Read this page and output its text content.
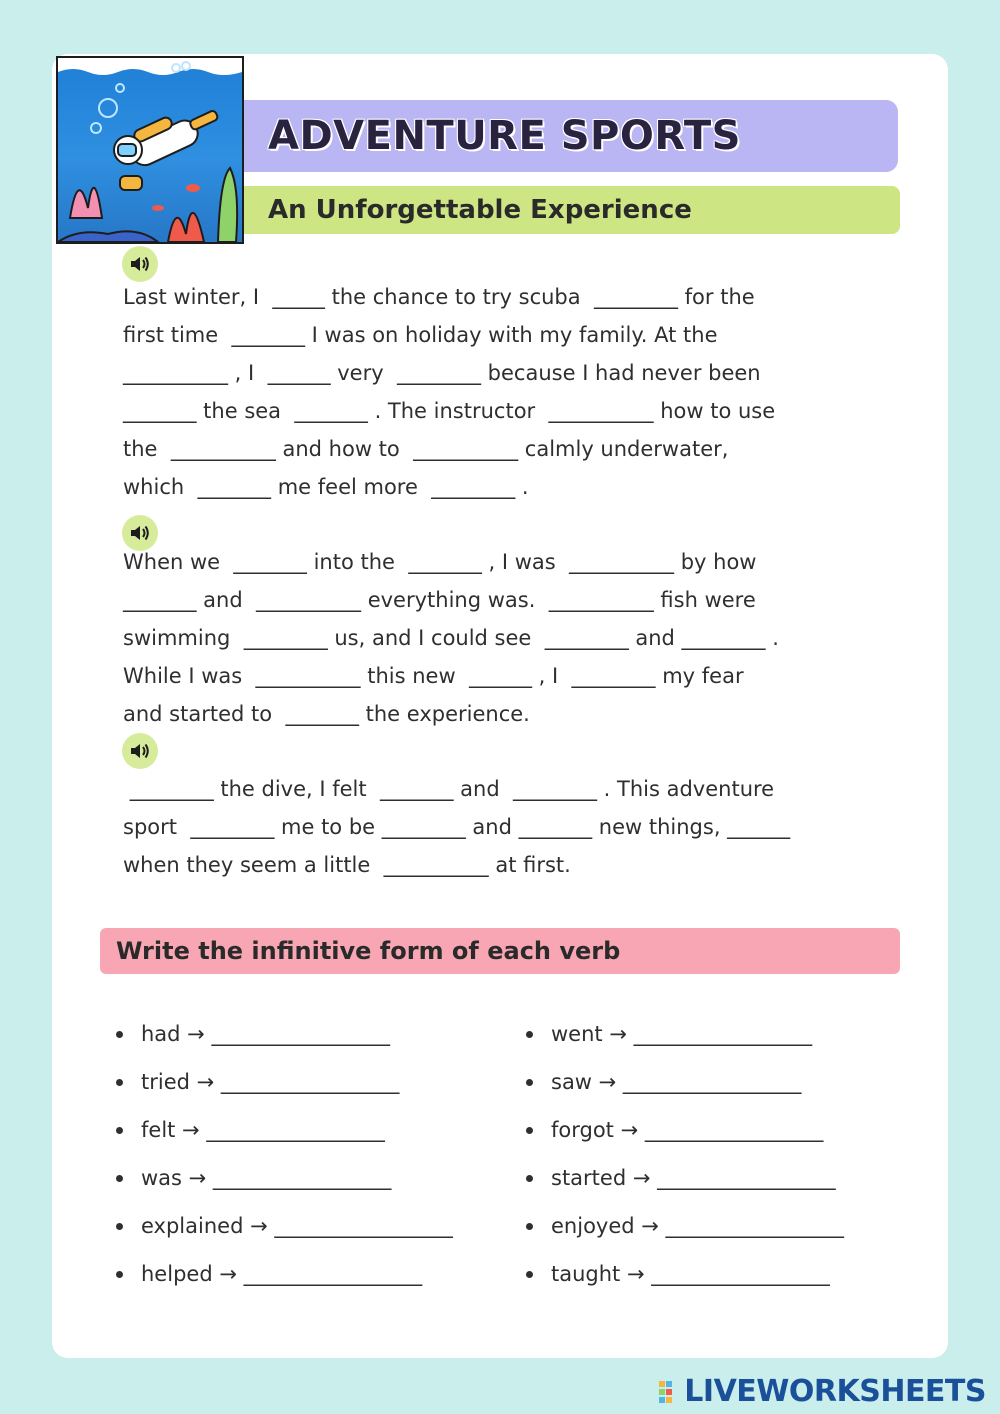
ADVENTURE SPORTS
An Unforgettable Experience

Last winter, I  _____ the chance to try scuba  ________ for the
first time  _______ I was on holiday with my family. At the
__________ , I  ______ very  ________ because I had never been
_______ the sea  _______ . The instructor  __________ how to use
the  __________ and how to  __________ calmly underwater,
which  _______ me feel more  ________ .

When we  _______ into the  _______ , I was  __________ by how
_______ and  __________ everything was.  __________ fish were
swimming  ________ us, and I could see  ________ and ________ .
While I was  __________ this new  ______ , I  ________ my fear
and started to  _______ the experience.

________ the dive, I felt  _______ and  ________ . This adventure
sport  ________ me to be ________ and _______ new things, ______
when they seem a little  __________ at first.

Write the infinitive form of each verb
had → _________________
tried → _________________
felt → _________________
was → _________________
explained → _________________
helped → _________________
went → _________________
saw → _________________
forgot → _________________
started → _________________
enjoyed → _________________
taught → _________________
LIVEWORKSHEETS
